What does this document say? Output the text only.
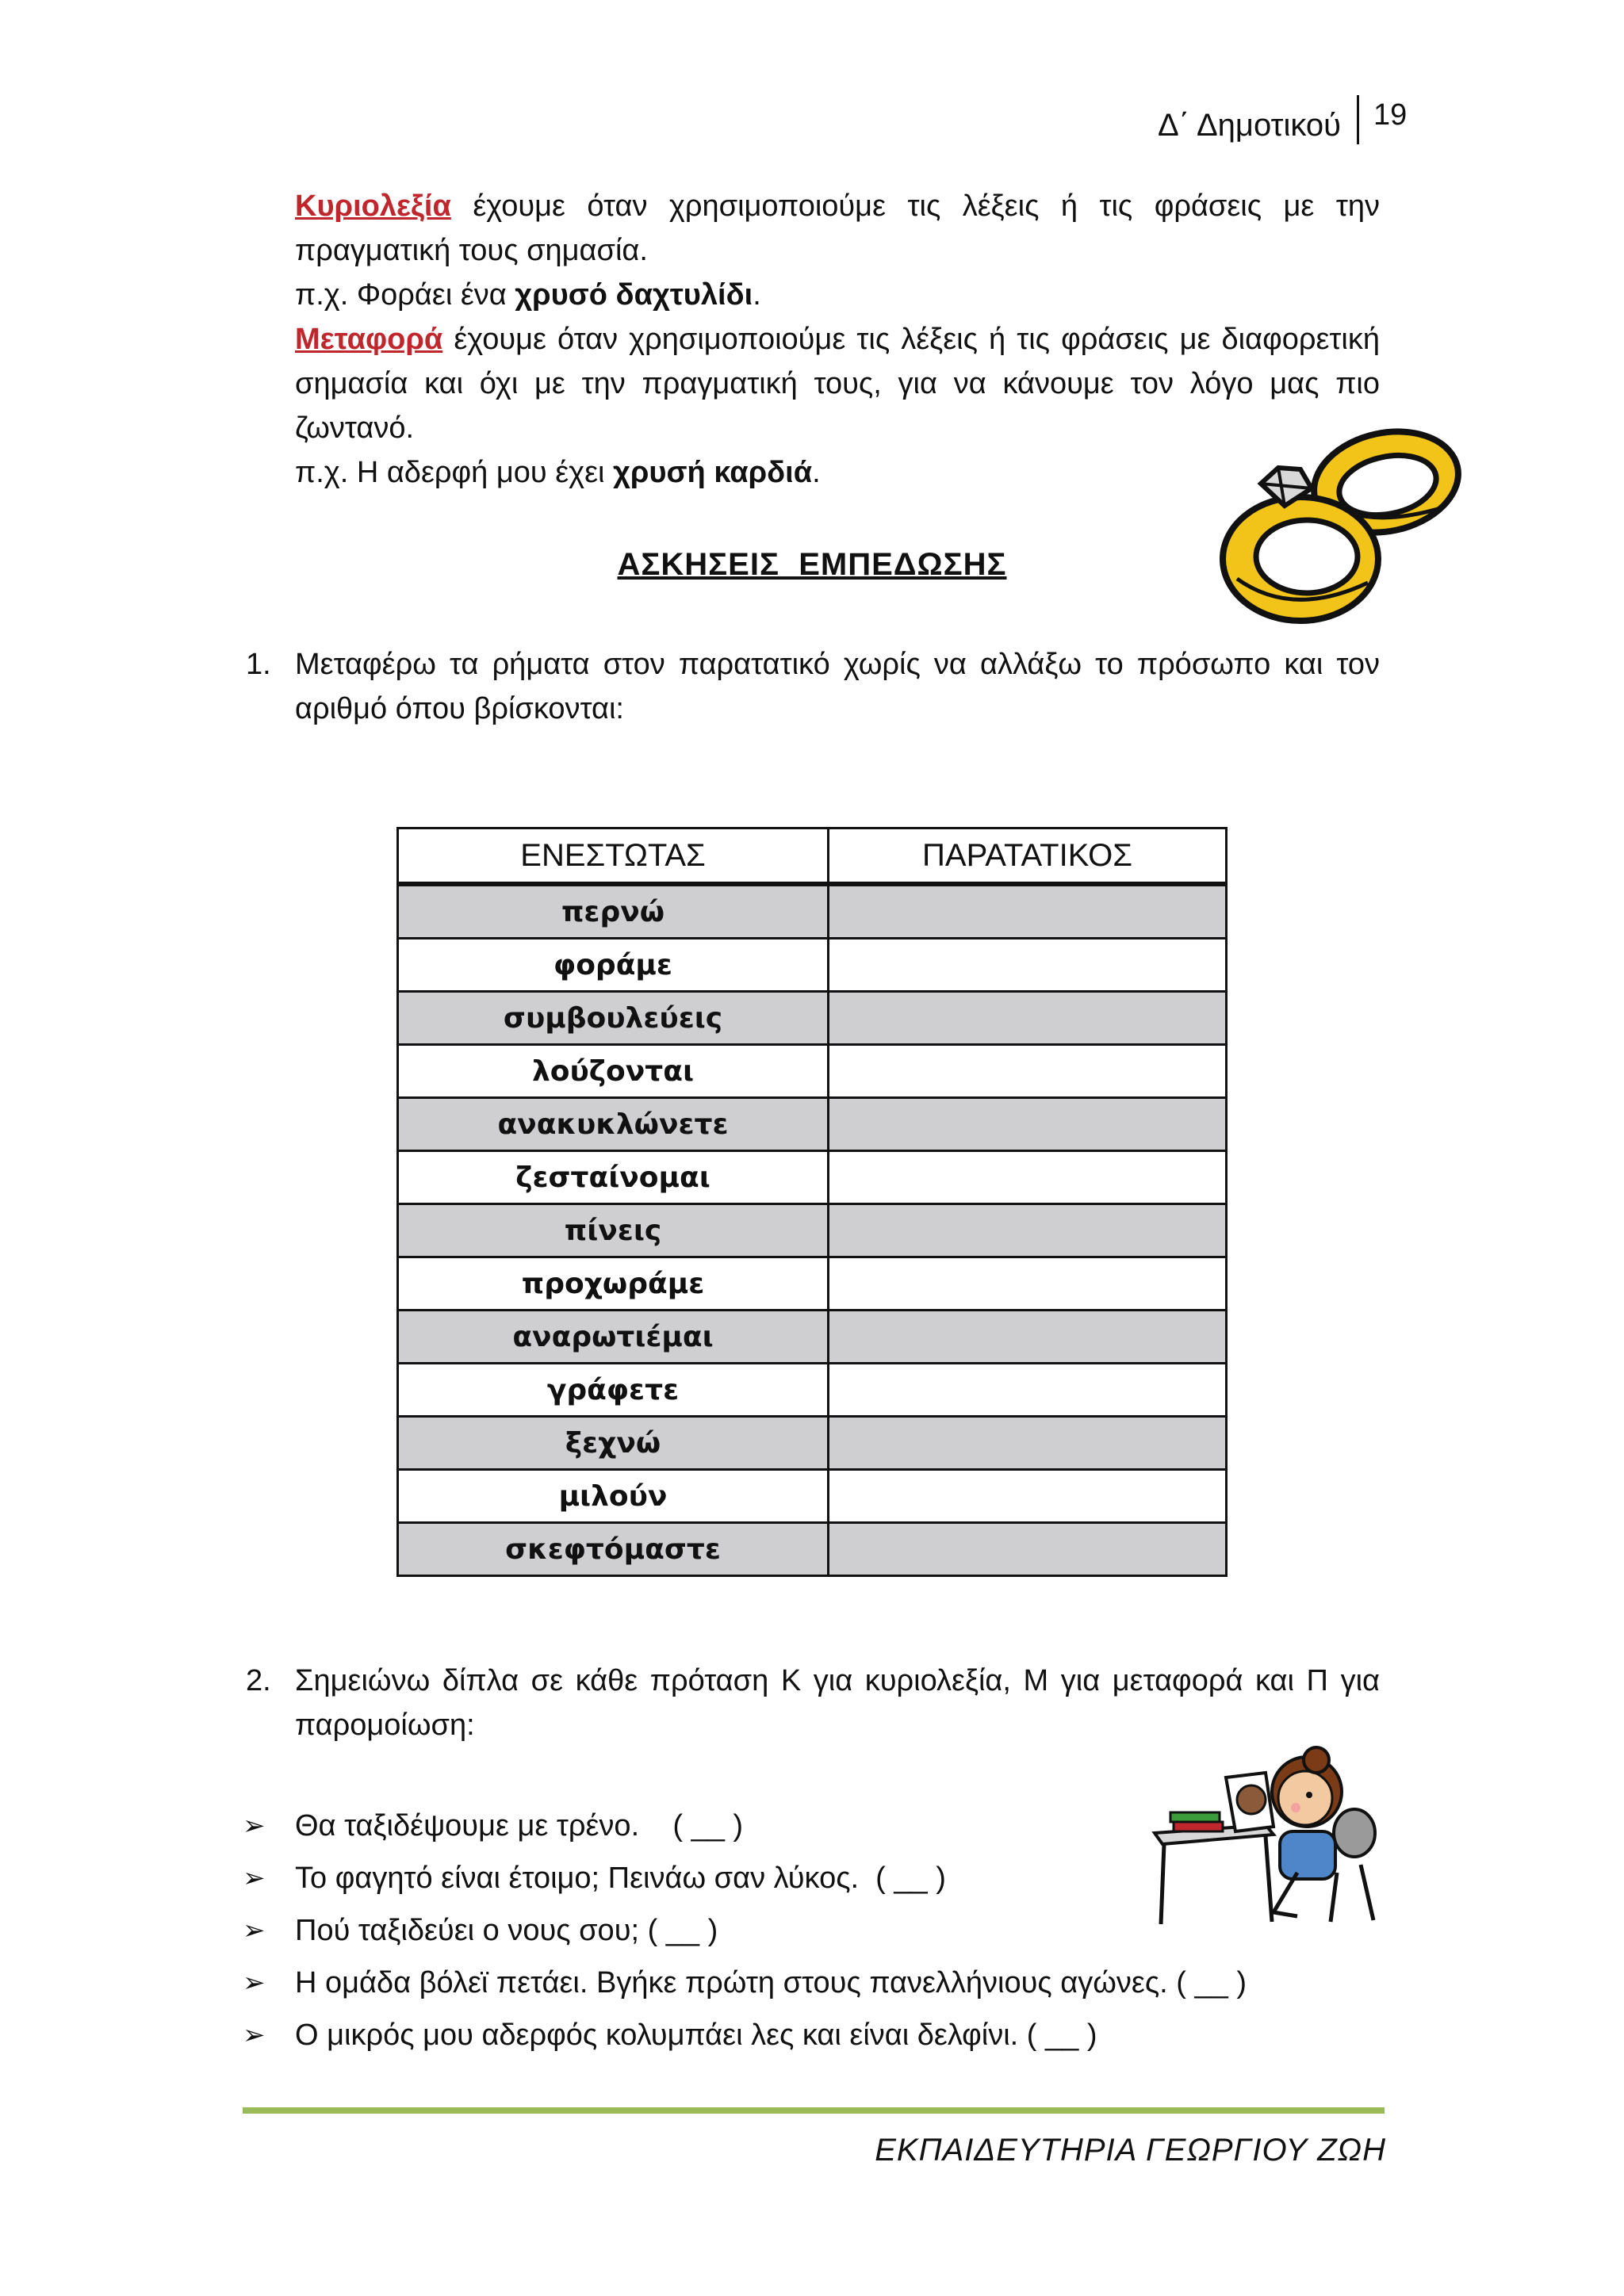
Δ΄ Δημοτικού	19

Κυριολεξία έχουμε όταν χρησιμοποιούμε τις λέξεις ή τις φράσεις με την πραγματική τους σημασία.

π.χ. Φοράει ένα χρυσό δαχτυλίδι.

Μεταφορά έχουμε όταν χρησιμοποιούμε τις λέξεις ή τις φράσεις με διαφορετική σημασία και όχι με την πραγματική τους, για να κάνουμε τον λόγο μας πιο ζωντανό.

π.χ. Η αδερφή μου έχει χρυσή καρδιά.

ΑΣΚΗΣΕΙΣ  ΕΜΠΕΔΩΣΗΣ
1. Μεταφέρω τα ρήματα στον παρατατικό χωρίς να αλλάξω το πρόσωπο και τον αριθμό όπου βρίσκονται:

ΕΝΕΣΤΩΤΑΣ	ΠΑΡΑΤΑΤΙΚΟΣ
περνώ	
φοράμε	
συμβουλεύεις	
λούζονται	
ανακυκλώνετε	
ζεσταίνομαι	
πίνεις	
προχωράμε	
αναρωτιέμαι	
γράφετε	
ξεχνώ	
μιλούν	
σκεφτόμαστε	
2. Σημειώνω δίπλα σε κάθε πρόταση Κ για κυριολεξία, Μ για μεταφορά και Π για παρομοίωση:

➢ Θα ταξιδέψουμε με τρένο.    ( __ )
➢ Το φαγητό είναι έτοιμο; Πεινάω σαν λύκος.  ( __ )
➢ Πού ταξιδεύει ο νους σου; ( __ )
➢ Η ομάδα βόλεϊ πετάει. Βγήκε πρώτη στους πανελλήνιους αγώνες. ( __ )
➢ Ο μικρός μου αδερφός κολυμπάει λες και είναι δελφίνι. ( __ )
ΕΚΠΑΙΔΕΥΤΗΡΙΑ ΓΕΩΡΓΙΟΥ ΖΩΗ
